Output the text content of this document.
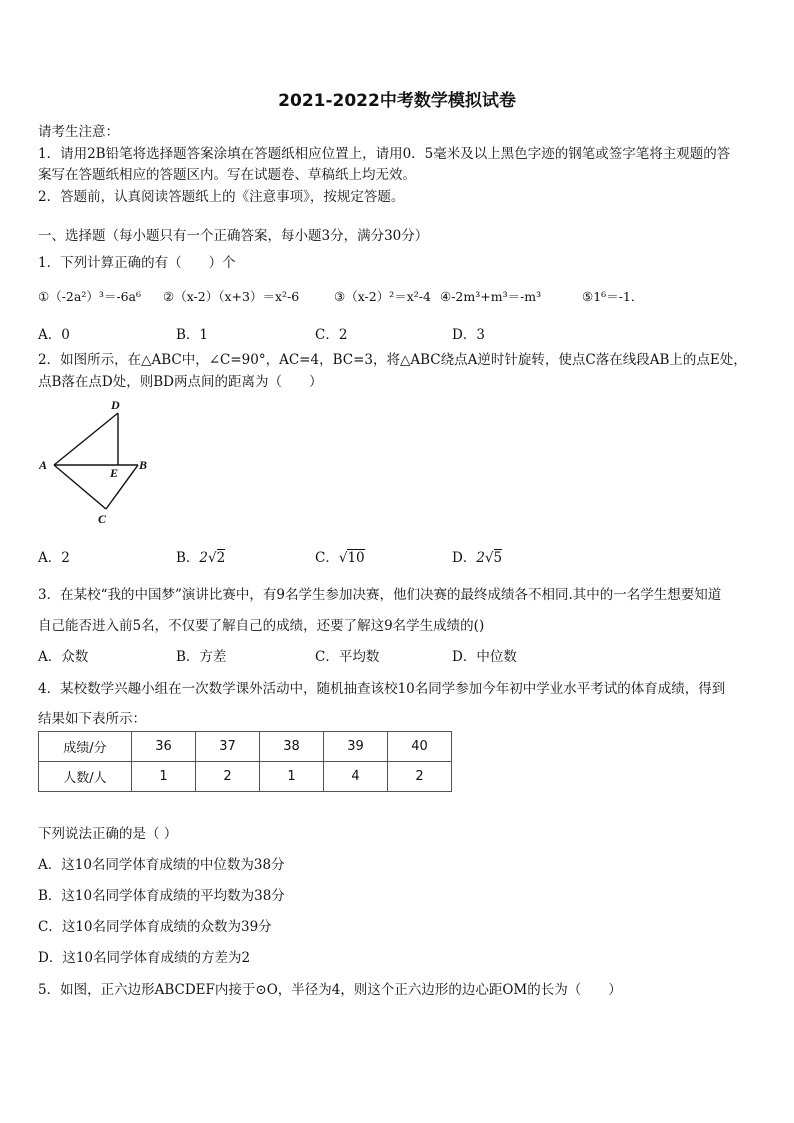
2021-2022中考数学模拟试卷
请考生注意：
1．请用2B铅笔将选择题答案涂填在答题纸相应位置上，请用0．5毫米及以上黑色字迹的钢笔或签字笔将主观题的答
案写在答题纸相应的答题区内。写在试题卷、草稿纸上均无效。
2．答题前，认真阅读答题纸上的《注意事项》，按规定答题。
一、选择题（每小题只有一个正确答案，每小题3分，满分30分）
1．下列计算正确的有（　　）个
①（-2a²）³＝-6a⁶ ②（x-2）（x+3）＝x²-6	③（x-2）²＝x²-4 ④-2m³+m³＝-m³	⑤1⁶＝-1．
A．0	B．1	C．2	D．3
2．如图所示，在△ABC中，∠C=90°，AC=4，BC=3，将△ABC绕点A逆时针旋转，使点C落在线段AB上的点E处，
点B落在点D处，则BD两点间的距离为（　　）
D
A
E
B
C
A．2	B．2√2	C．√10	D．2√5
3．在某校“我的中国梦”演讲比赛中，有9名学生参加决赛，他们决赛的最终成绩各不相同.其中的一名学生想要知道
自己能否进入前5名，不仅要了解自己的成绩，还要了解这9名学生成绩的()
A．众数	B．方差	C．平均数	D．中位数
4．某校数学兴趣小组在一次数学课外活动中，随机抽查该校10名同学参加今年初中学业水平考试的体育成绩，得到
结果如下表所示：
成绩/分	36	37	38	39	40
人数/人	1	2	1	4	2
下列说法正确的是（ ）
A．这10名同学体育成绩的中位数为38分
B．这10名同学体育成绩的平均数为38分
C．这10名同学体育成绩的众数为39分
D．这10名同学体育成绩的方差为2
5．如图，正六边形ABCDEF内接于⊙O，半径为4，则这个正六边形的边心距OM的长为（　　）
